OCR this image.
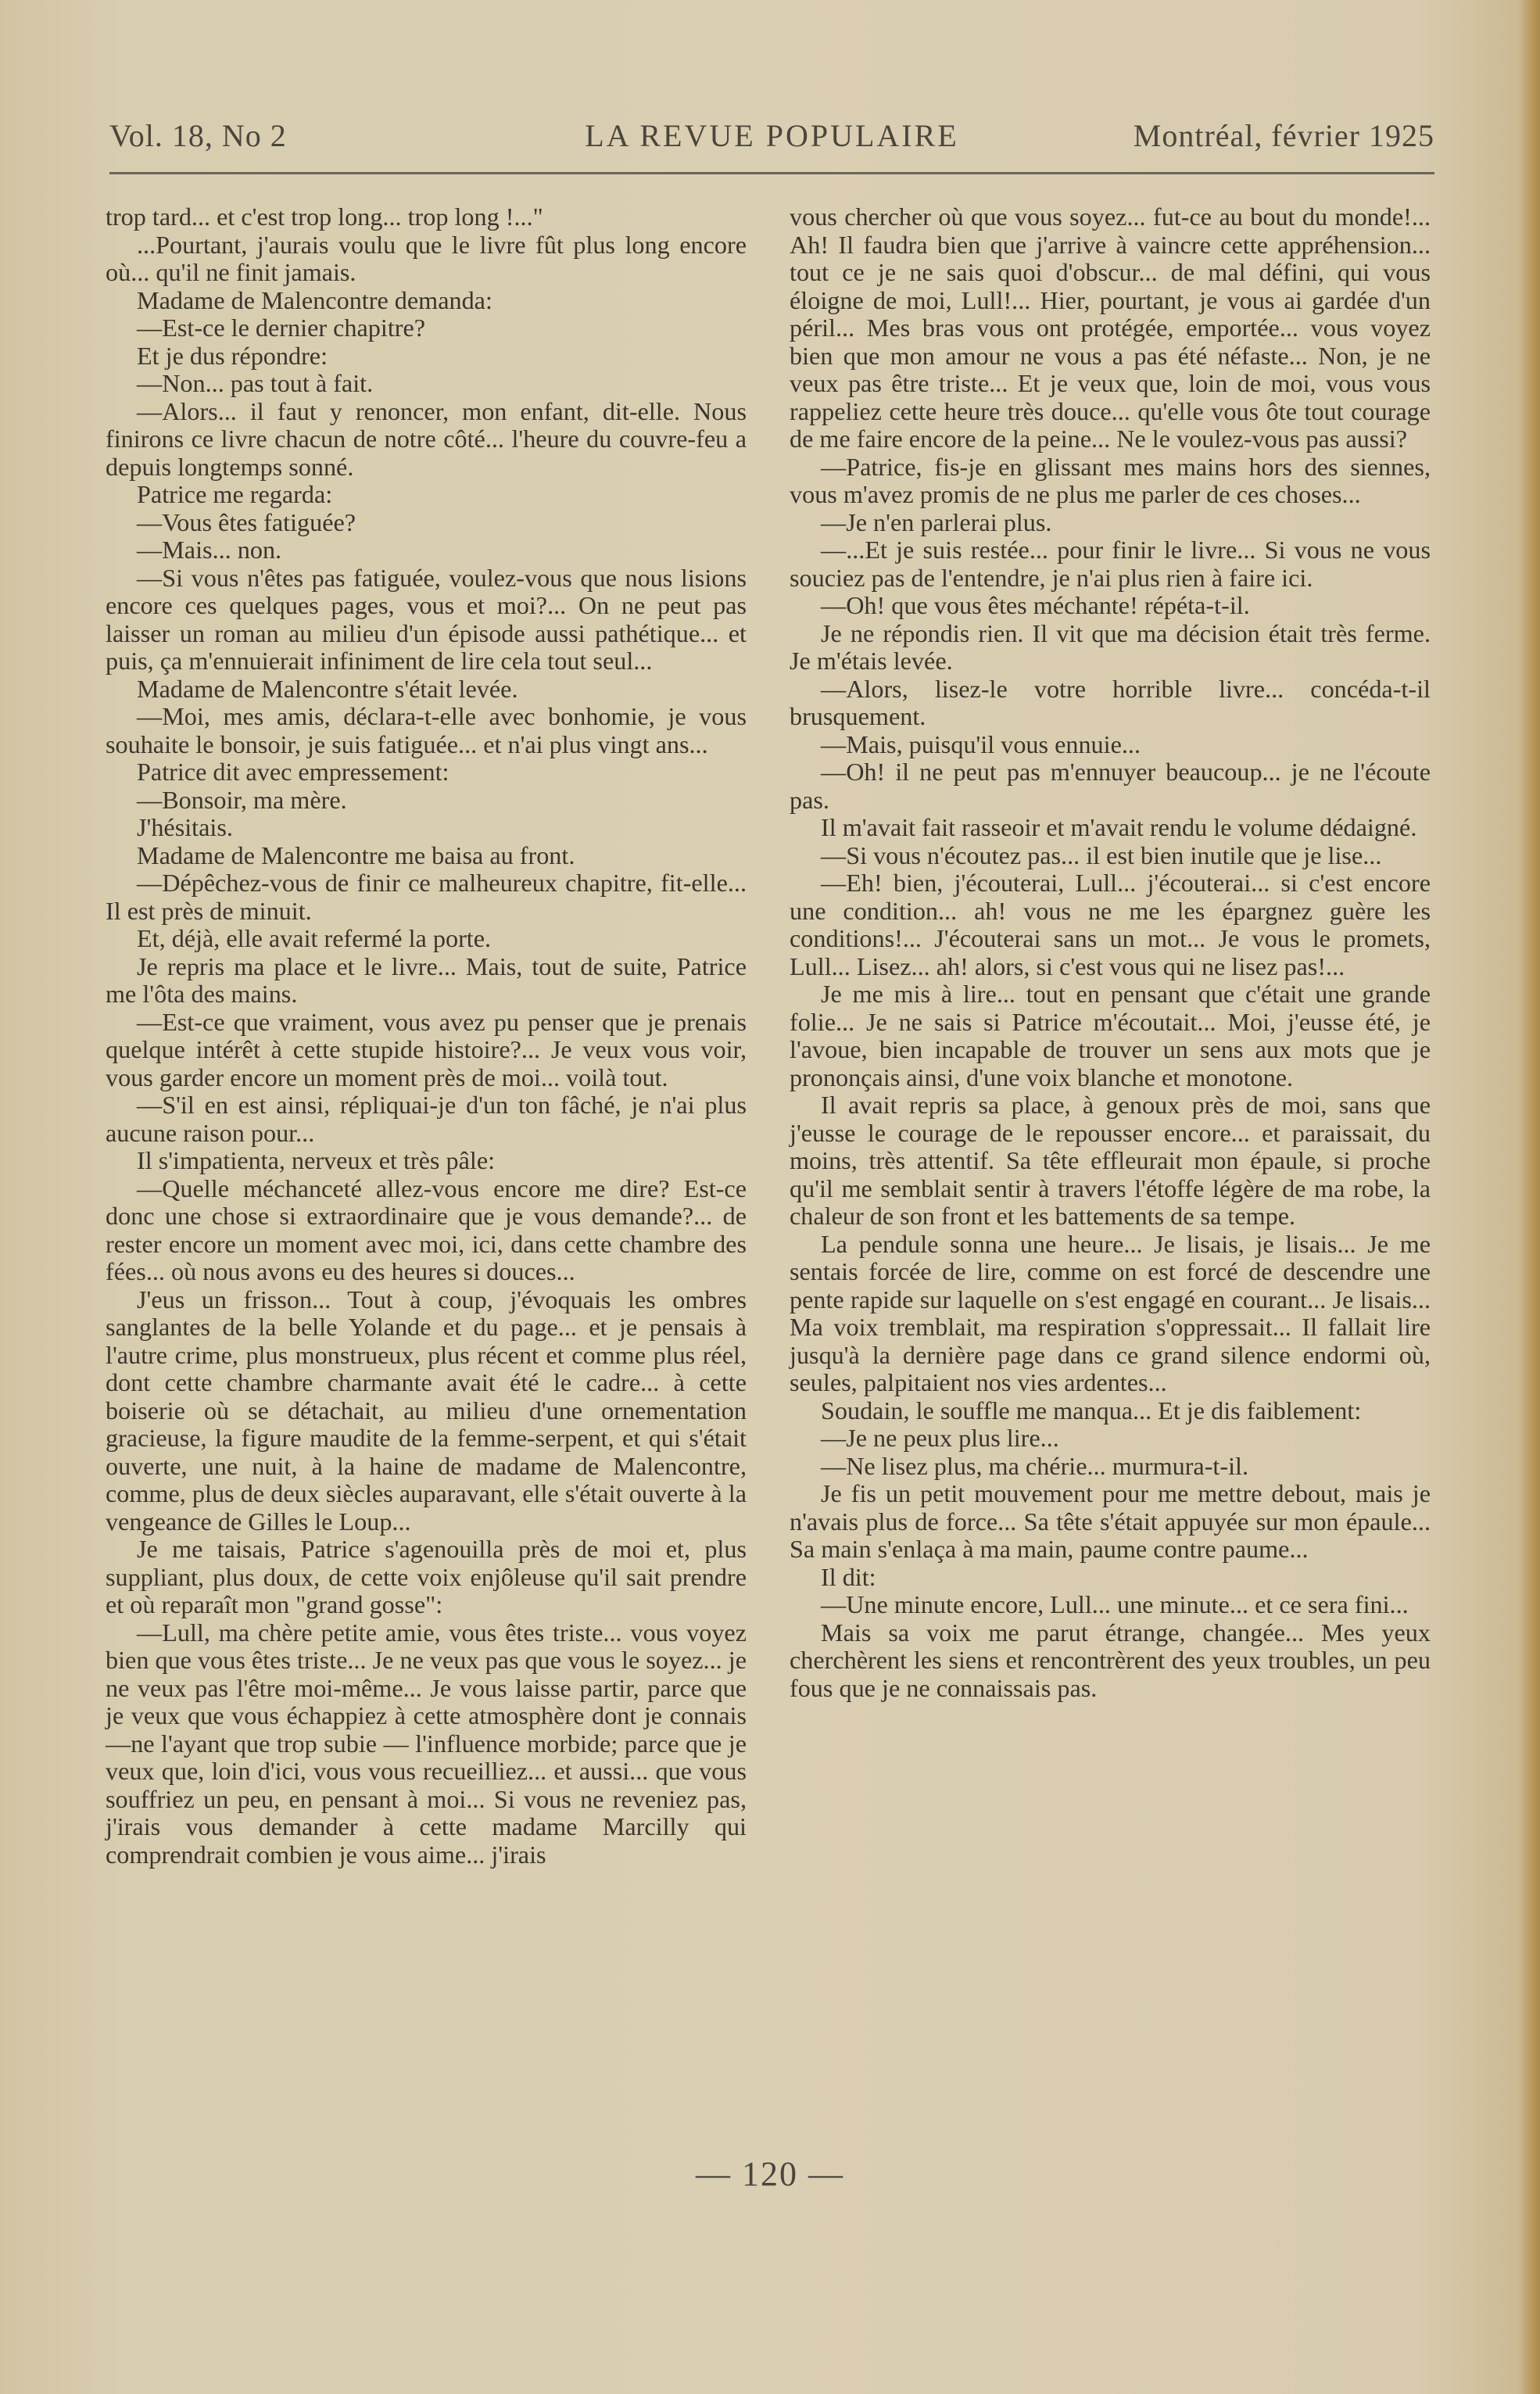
Vol. 18, No 2	LA REVUE POPULAIRE	Montréal, février 1925

trop tard... et c'est trop long... trop long !..."

...Pourtant, j'aurais voulu que le livre fût plus long encore où... qu'il ne finit jamais.

Madame de Malencontre demanda:

—Est-ce le dernier chapitre?

Et je dus répondre:

—Non... pas tout à fait.

—Alors... il faut y renoncer, mon enfant, dit-elle. Nous finirons ce livre chacun de notre côté... l'heure du couvre-feu a depuis longtemps sonné.

Patrice me regarda:

—Vous êtes fatiguée?

—Mais... non.

—Si vous n'êtes pas fatiguée, voulez-vous que nous lisions encore ces quelques pages, vous et moi?... On ne peut pas laisser un roman au milieu d'un épisode aussi pathétique... et puis, ça m'ennuierait infiniment de lire cela tout seul...

Madame de Malencontre s'était levée.

—Moi, mes amis, déclara-t-elle avec bonhomie, je vous souhaite le bonsoir, je suis fatiguée... et n'ai plus vingt ans...

Patrice dit avec empressement:

—Bonsoir, ma mère.

J'hésitais.

Madame de Malencontre me baisa au front.

—Dépêchez-vous de finir ce malheureux chapitre, fit-elle... Il est près de minuit.

Et, déjà, elle avait refermé la porte.

Je repris ma place et le livre... Mais, tout de suite, Patrice me l'ôta des mains.

—Est-ce que vraiment, vous avez pu penser que je prenais quelque intérêt à cette stupide histoire?... Je veux vous voir, vous garder encore un moment près de moi... voilà tout.

—S'il en est ainsi, répliquai-je d'un ton fâché, je n'ai plus aucune raison pour...

Il s'impatienta, nerveux et très pâle:

—Quelle méchanceté allez-vous encore me dire? Est-ce donc une chose si extraordinaire que je vous demande?... de rester encore un moment avec moi, ici, dans cette chambre des fées... où nous avons eu des heures si douces...

J'eus un frisson... Tout à coup, j'évoquais les ombres sanglantes de la belle Yolande et du page... et je pensais à l'autre crime, plus monstrueux, plus récent et comme plus réel, dont cette chambre charmante avait été le cadre... à cette boiserie où se détachait, au milieu d'une ornementation gracieuse, la figure maudite de la femme-serpent, et qui s'était ouverte, une nuit, à la haine de madame de Malencontre, comme, plus de deux siècles auparavant, elle s'était ouverte à la vengeance de Gilles le Loup...

Je me taisais, Patrice s'agenouilla près de moi et, plus suppliant, plus doux, de cette voix enjôleuse qu'il sait prendre et où reparaît mon "grand gosse":

—Lull, ma chère petite amie, vous êtes triste... vous voyez bien que vous êtes triste... Je ne veux pas que vous le soyez... je ne veux pas l'être moi-même... Je vous laisse partir, parce que je veux que vous échappiez à cette atmosphère dont je connais—ne l'ayant que trop subie — l'influence morbide; parce que je veux que, loin d'ici, vous vous recueilliez... et aussi... que vous souffriez un peu, en pensant à moi... Si vous ne reveniez pas, j'irais vous demander à cette madame Marcilly qui comprendrait combien je vous aime... j'irais

vous chercher où que vous soyez... fut-ce au bout du monde!... Ah! Il faudra bien que j'arrive à vaincre cette appréhension... tout ce je ne sais quoi d'obscur... de mal défini, qui vous éloigne de moi, Lull!... Hier, pourtant, je vous ai gardée d'un péril... Mes bras vous ont protégée, emportée... vous voyez bien que mon amour ne vous a pas été néfaste... Non, je ne veux pas être triste... Et je veux que, loin de moi, vous vous rappeliez cette heure très douce... qu'elle vous ôte tout courage de me faire encore de la peine... Ne le voulez-vous pas aussi?

—Patrice, fis-je en glissant mes mains hors des siennes, vous m'avez promis de ne plus me parler de ces choses...

—Je n'en parlerai plus.

—...Et je suis restée... pour finir le livre... Si vous ne vous souciez pas de l'entendre, je n'ai plus rien à faire ici.

—Oh! que vous êtes méchante! répéta-t-il.

Je ne répondis rien. Il vit que ma décision était très ferme. Je m'étais levée.

—Alors, lisez-le votre horrible livre... concéda-t-il brusquement.

—Mais, puisqu'il vous ennuie...

—Oh! il ne peut pas m'ennuyer beaucoup... je ne l'écoute pas.

Il m'avait fait rasseoir et m'avait rendu le volume dédaigné.

—Si vous n'écoutez pas... il est bien inutile que je lise...

—Eh! bien, j'écouterai, Lull... j'écouterai... si c'est encore une condition... ah! vous ne me les épargnez guère les conditions!... J'écouterai sans un mot... Je vous le promets, Lull... Lisez... ah! alors, si c'est vous qui ne lisez pas!...

Je me mis à lire... tout en pensant que c'était une grande folie... Je ne sais si Patrice m'écoutait... Moi, j'eusse été, je l'avoue, bien incapable de trouver un sens aux mots que je prononçais ainsi, d'une voix blanche et monotone.

Il avait repris sa place, à genoux près de moi, sans que j'eusse le courage de le repousser encore... et paraissait, du moins, très attentif. Sa tête effleurait mon épaule, si proche qu'il me semblait sentir à travers l'étoffe légère de ma robe, la chaleur de son front et les battements de sa tempe.

La pendule sonna une heure... Je lisais, je lisais... Je me sentais forcée de lire, comme on est forcé de descendre une pente rapide sur laquelle on s'est engagé en courant... Je lisais... Ma voix tremblait, ma respiration s'oppressait... Il fallait lire jusqu'à la dernière page dans ce grand silence endormi où, seules, palpitaient nos vies ardentes...

Soudain, le souffle me manqua... Et je dis faiblement:

—Je ne peux plus lire...

—Ne lisez plus, ma chérie... murmura-t-il.

Je fis un petit mouvement pour me mettre debout, mais je n'avais plus de force... Sa tête s'était appuyée sur mon épaule... Sa main s'enlaça à ma main, paume contre paume...

Il dit:

—Une minute encore, Lull... une minute... et ce sera fini...

Mais sa voix me parut étrange, changée... Mes yeux cherchèrent les siens et rencontrèrent des yeux troubles, un peu fous que je ne connaissais pas.

— 120 —
